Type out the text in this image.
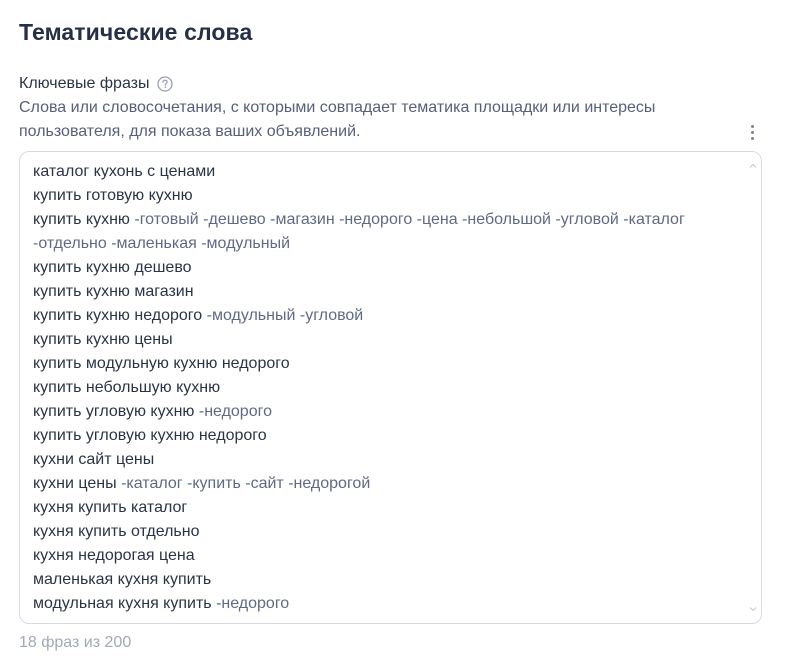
Тематические слова
Ключевые фразы
Слова или словосочетания, с которыми совпадает тематика площадки или интересы пользователя, для показа ваших объявлений.
каталог кухонь с ценами
купить готовую кухню
купить кухню -готовый -дешево -магазин -недорого -цена -небольшой -угловой -каталог
-отдельно -маленькая -модульный
купить кухню дешево
купить кухню магазин
купить кухню недорого -модульный -угловой
купить кухню цены
купить модульную кухню недорого
купить небольшую кухню
купить угловую кухню -недорого
купить угловую кухню недорого
кухни сайт цены
кухни цены -каталог -купить -сайт -недорогой
кухня купить каталог
кухня купить отдельно
кухня недорогая цена
маленькая кухня купить
модульная кухня купить -недорого
18 фраз из 200
